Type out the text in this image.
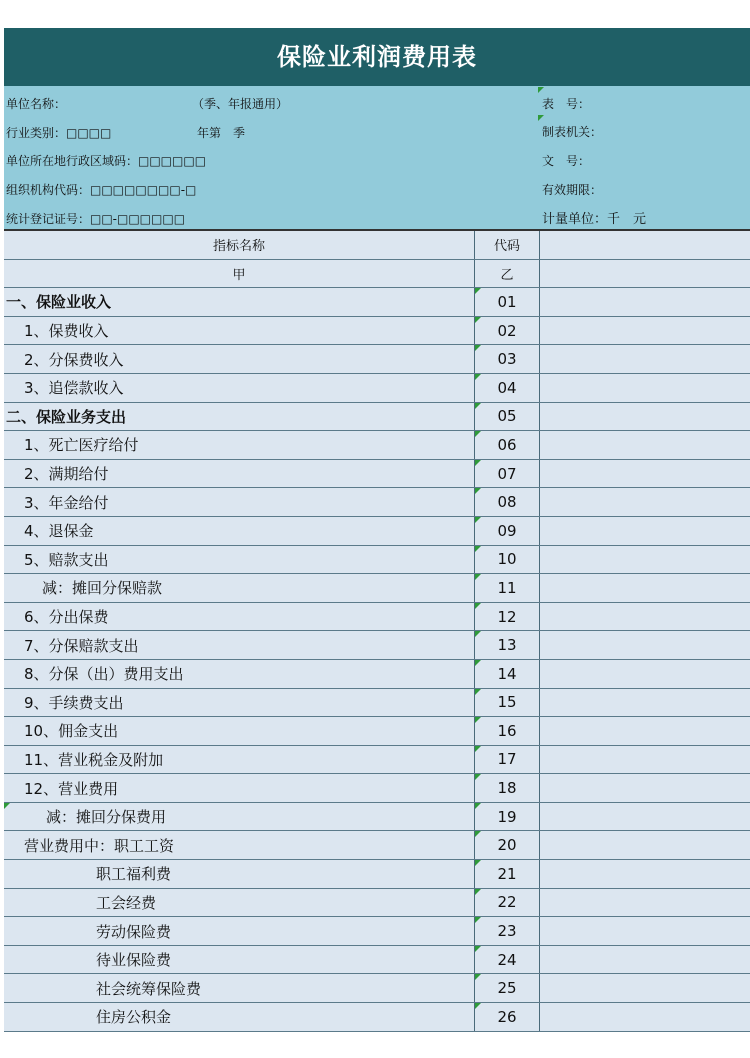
保险业利润费用表
单位名称：	（季、年报通用）
行业类别：□□□□	年第　季
单位所在地行政区域码：□□□□□□
组织机构代码：□□□□□□□□-□
统计登记证号：□□-□□□□□□
表　号：
制表机关：
文　号：
有效期限：
计量单位：千　元
指标名称	代码	
甲	乙	
一、保险业收入	01

1、保费收入	02

2、分保费收入	03

3、追偿款收入	04

二、保险业务支出	05

1、死亡医疗给付	06

2、满期给付	07

3、年金给付	08

4、退保金	09

5、赔款支出	10

减：摊回分保赔款	11

6、分出保费	12

7、分保赔款支出	13

8、分保（出）费用支出	14

9、手续费支出	15

10、佣金支出	16

11、营业税金及附加	17

12、营业费用	18

减：摊回分保费用	19

营业费用中：职工工资	20

职工福利费	21

工会经费	22

劳动保险费	23

待业保险费	24

社会统筹保险费	25

住房公积金	26
